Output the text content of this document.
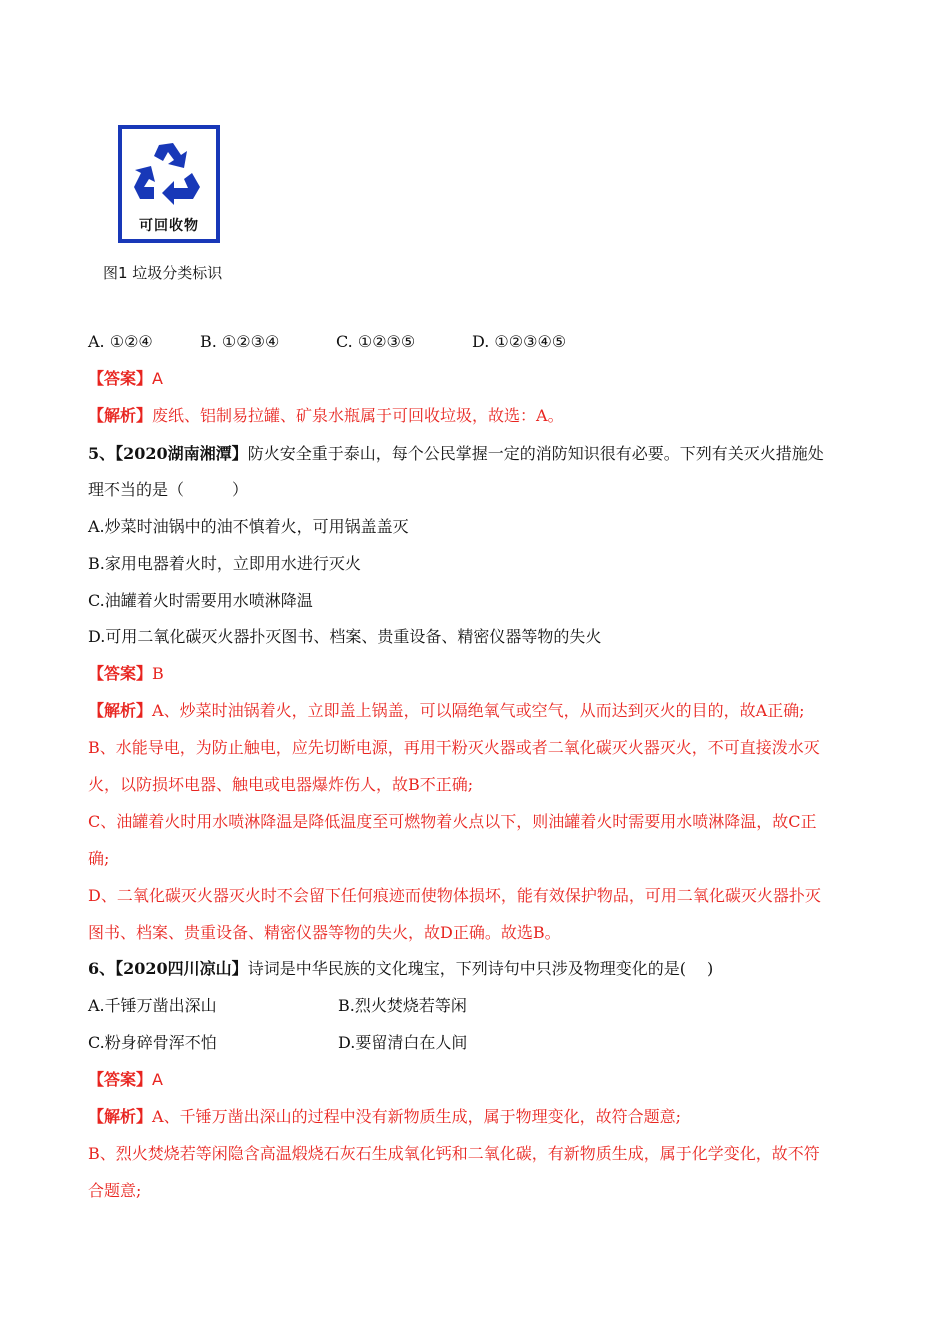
可回收物
图1 垃圾分类标识
A. ①②④	B. ①②③④	C. ①②③⑤	D. ①②③④⑤
【答案】A
【解析】废纸、铝制易拉罐、矿泉水瓶属于可回收垃圾，故选：A。
5、【2020湖南湘潭】防火安全重于泰山，每个公民掌握一定的消防知识很有必要。下列有关灭火措施处
理不当的是（　　　）
A.炒菜时油锅中的油不慎着火，可用锅盖盖灭
B.家用电器着火时，立即用水进行灭火
C.油罐着火时需要用水喷淋降温
D.可用二氧化碳灭火器扑灭图书、档案、贵重设备、精密仪器等物的失火
【答案】B
【解析】A、炒菜时油锅着火，立即盖上锅盖，可以隔绝氧气或空气，从而达到灭火的目的，故A正确;
B、水能导电，为防止触电，应先切断电源，再用干粉灭火器或者二氧化碳灭火器灭火，不可直接泼水灭
火，以防损坏电器、触电或电器爆炸伤人，故B不正确;
C、油罐着火时用水喷淋降温是降低温度至可燃物着火点以下，则油罐着火时需要用水喷淋降温，故C正
确;
D、二氧化碳灭火器灭火时不会留下任何痕迹而使物体损坏，能有效保护物品，可用二氧化碳灭火器扑灭
图书、档案、贵重设备、精密仪器等物的失火，故D正确。故选B。
6、【2020四川凉山】诗词是中华民族的文化瑰宝，下列诗句中只涉及物理变化的是(　 )
A.千锤万凿出深山	B.烈火焚烧若等闲
C.粉身碎骨浑不怕	D.要留清白在人间
【答案】A
【解析】A、千锤万凿出深山的过程中没有新物质生成，属于物理变化，故符合题意;
B、烈火焚烧若等闲隐含高温煅烧石灰石生成氧化钙和二氧化碳，有新物质生成，属于化学变化，故不符
合题意;
